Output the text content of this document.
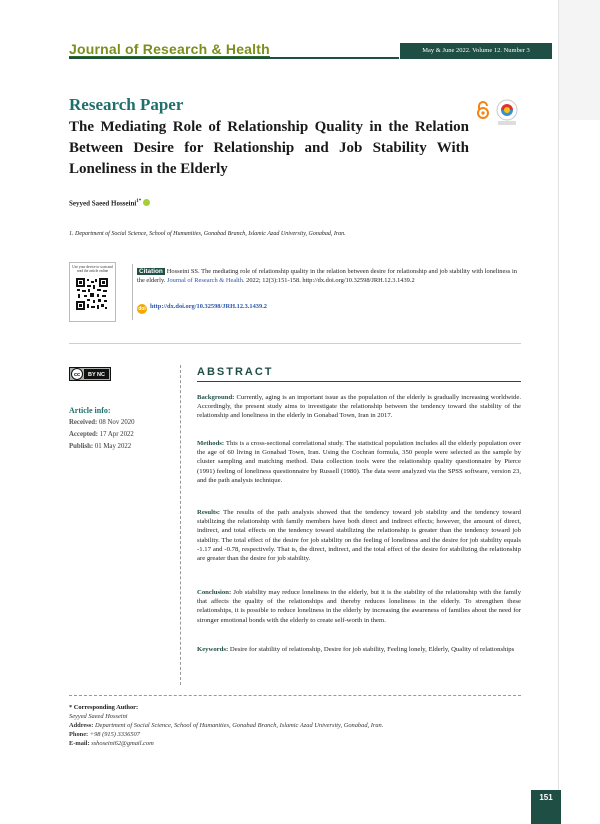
Journal of Research & Health	May & June 2022. Volume 12. Number 3
Research Paper
The Mediating Role of Relationship Quality in the Relation Between Desire for Relationship and Job Stability With Loneliness in the Elderly
Seyyed Saeed Hosseini$^{1*}$
1. Department of Social Science, School of Humanities, Gonabad Branch, Islamic Azad University, Gonabad, Iran.
Use your device to scan and read the article online	Citation Hosseini SS. The mediating role of relationship quality in the relation between desire for relationship and job stability with loneliness in the elderly. Journal of Research & Health. 2022; 12(3):151-158. http://dx.doi.org/10.32598/JRH.12.3.1439.2
doi http://dx.doi.org/10.32598/JRH.12.3.1439.2
cc BY NC
Article info:
Received: 08 Nov 2020
Accepted: 17 Apr 2022
Publish: 01 May 2022
ABSTRACT
Background: Currently, aging is an important issue as the population of the elderly is gradually increasing worldwide. Accordingly, the present study aims to investigate the relationship between the tendency toward the stability of the relationship and loneliness in the elderly in Gonabad Town, Iran in 2017.
Methods: This is a cross-sectional correlational study. The statistical population includes all the elderly population over the age of 60 living in Gonabad Town, Iran. Using the Cochran formula, 350 people were selected as the sample by cluster sampling and matching method. Data collection tools were the relationship quality questionnaire by Pierce (1991) feeling of loneliness questionnaire by Russell (1980). The data were analyzed via the SPSS software, version 23, and the path analysis technique.
Results: The results of the path analysis showed that the tendency toward job stability and the tendency toward stabilizing the relationship with family members have both direct and indirect effects; however, the amount of direct, indirect, and total effects on the tendency toward stabilizing the relationship is greater than the tendency toward job stability. The total effect of the desire for job stability on the feeling of loneliness and the desire for job stability equals -1.17 and -0.78, respectively. That is, the direct, indirect, and the total effect of the desire for stabilizing the relationship are greater than the desire for job stability.
Conclusion: Job stability may reduce loneliness in the elderly, but it is the stability of the relationship with the family that affects the quality of the relationships and thereby reduces loneliness in the elderly. To strengthen these relationships, it is possible to reduce loneliness in the elderly by increasing the awareness of families about the need for stronger emotional bonds with the elderly to create self-worth in them.
Keywords: Desire for stability of relationship, Desire for job stability, Feeling lonely, Elderly, Quality of relationships
* Corresponding Author:
Seyyed Saeed Hosseini
Address: Department of Social Science, School of Humanities, Gonabad Branch, Islamic Azad University, Gonabad, Iran.
Phone: +98 (915) 3336507
E-mail: sshoseini62@gmail.com
151
